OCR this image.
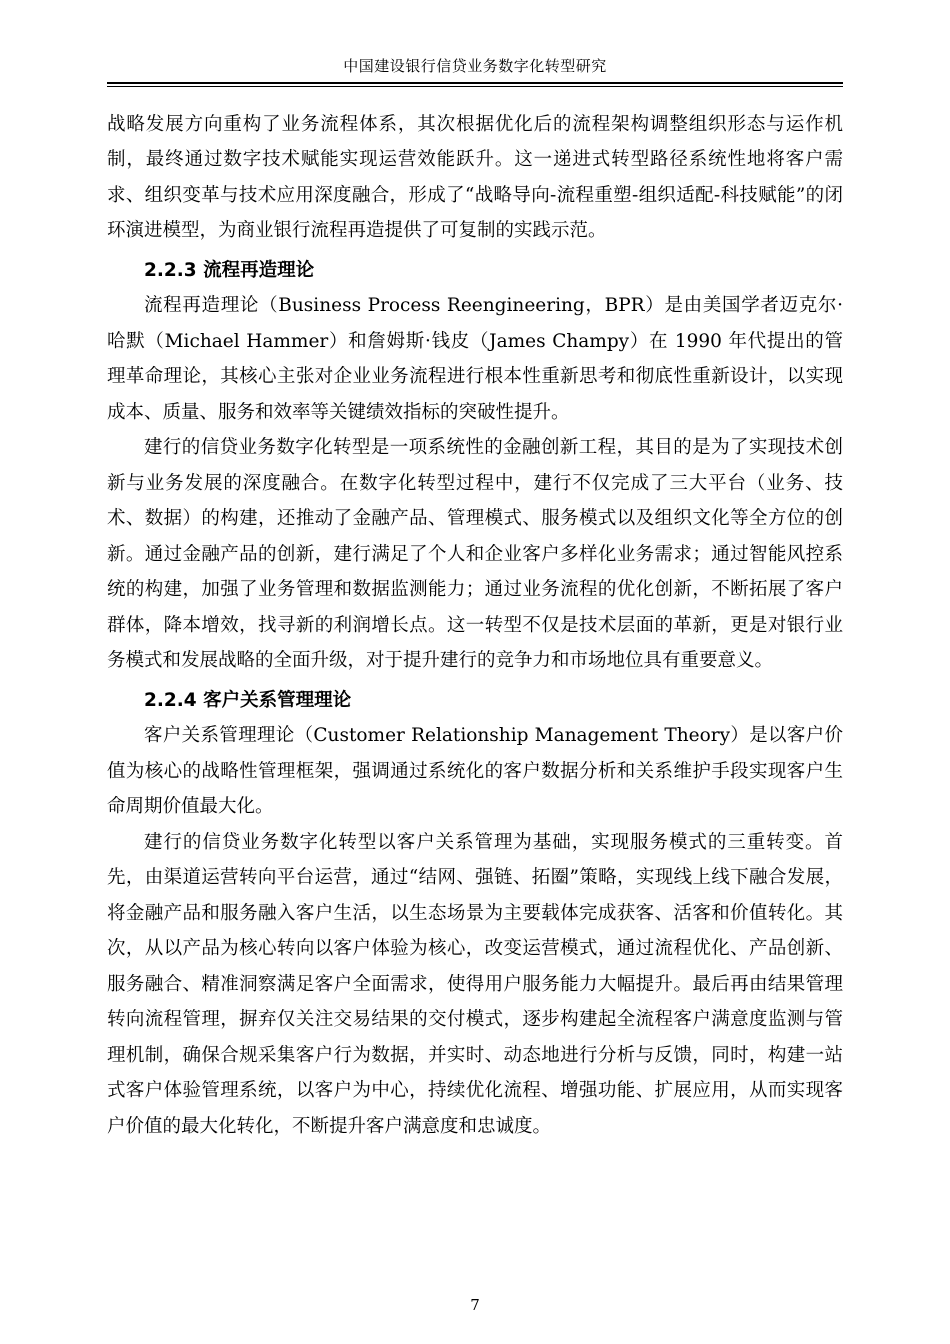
中国建设银行信贷业务数字化转型研究

战略发展方向重构了业务流程体系，其次根据优化后的流程架构调整组织形态与运作机制，最终通过数字技术赋能实现运营效能跃升。这一递进式转型路径系统性地将客户需求、组织变革与技术应用深度融合，形成了“战略导向-流程重塑-组织适配-科技赋能”的闭环演进模型，为商业银行流程再造提供了可复制的实践示范。

2.2.3 流程再造理论

流程再造理论（Business Process Reengineering，BPR）是由美国学者迈克尔·哈默（Michael Hammer）和詹姆斯·钱皮（James Champy）在 1990 年代提出的管理革命理论，其核心主张对企业业务流程进行根本性重新思考和彻底性重新设计，以实现成本、质量、服务和效率等关键绩效指标的突破性提升。

建行的信贷业务数字化转型是一项系统性的金融创新工程，其目的是为了实现技术创新与业务发展的深度融合。在数字化转型过程中，建行不仅完成了三大平台（业务、技术、数据）的构建，还推动了金融产品、管理模式、服务模式以及组织文化等全方位的创新。通过金融产品的创新，建行满足了个人和企业客户多样化业务需求；通过智能风控系统的构建，加强了业务管理和数据监测能力；通过业务流程的优化创新，不断拓展了客户群体，降本增效，找寻新的利润增长点。这一转型不仅是技术层面的革新，更是对银行业务模式和发展战略的全面升级，对于提升建行的竞争力和市场地位具有重要意义。

2.2.4 客户关系管理理论

客户关系管理理论（Customer Relationship Management Theory）是以客户价值为核心的战略性管理框架，强调通过系统化的客户数据分析和关系维护手段实现客户生命周期价值最大化。

建行的信贷业务数字化转型以客户关系管理为基础，实现服务模式的三重转变。首先，由渠道运营转向平台运营，通过“结网、强链、拓圈”策略，实现线上线下融合发展，将金融产品和服务融入客户生活，以生态场景为主要载体完成获客、活客和价值转化。其次，从以产品为核心转向以客户体验为核心，改变运营模式，通过流程优化、产品创新、服务融合、精准洞察满足客户全面需求，使得用户服务能力大幅提升。最后再由结果管理转向流程管理，摒弃仅关注交易结果的交付模式，逐步构建起全流程客户满意度监测与管理机制，确保合规采集客户行为数据，并实时、动态地进行分析与反馈，同时，构建一站式客户体验管理系统，以客户为中心，持续优化流程、增强功能、扩展应用，从而实现客户价值的最大化转化，不断提升客户满意度和忠诚度。

7
